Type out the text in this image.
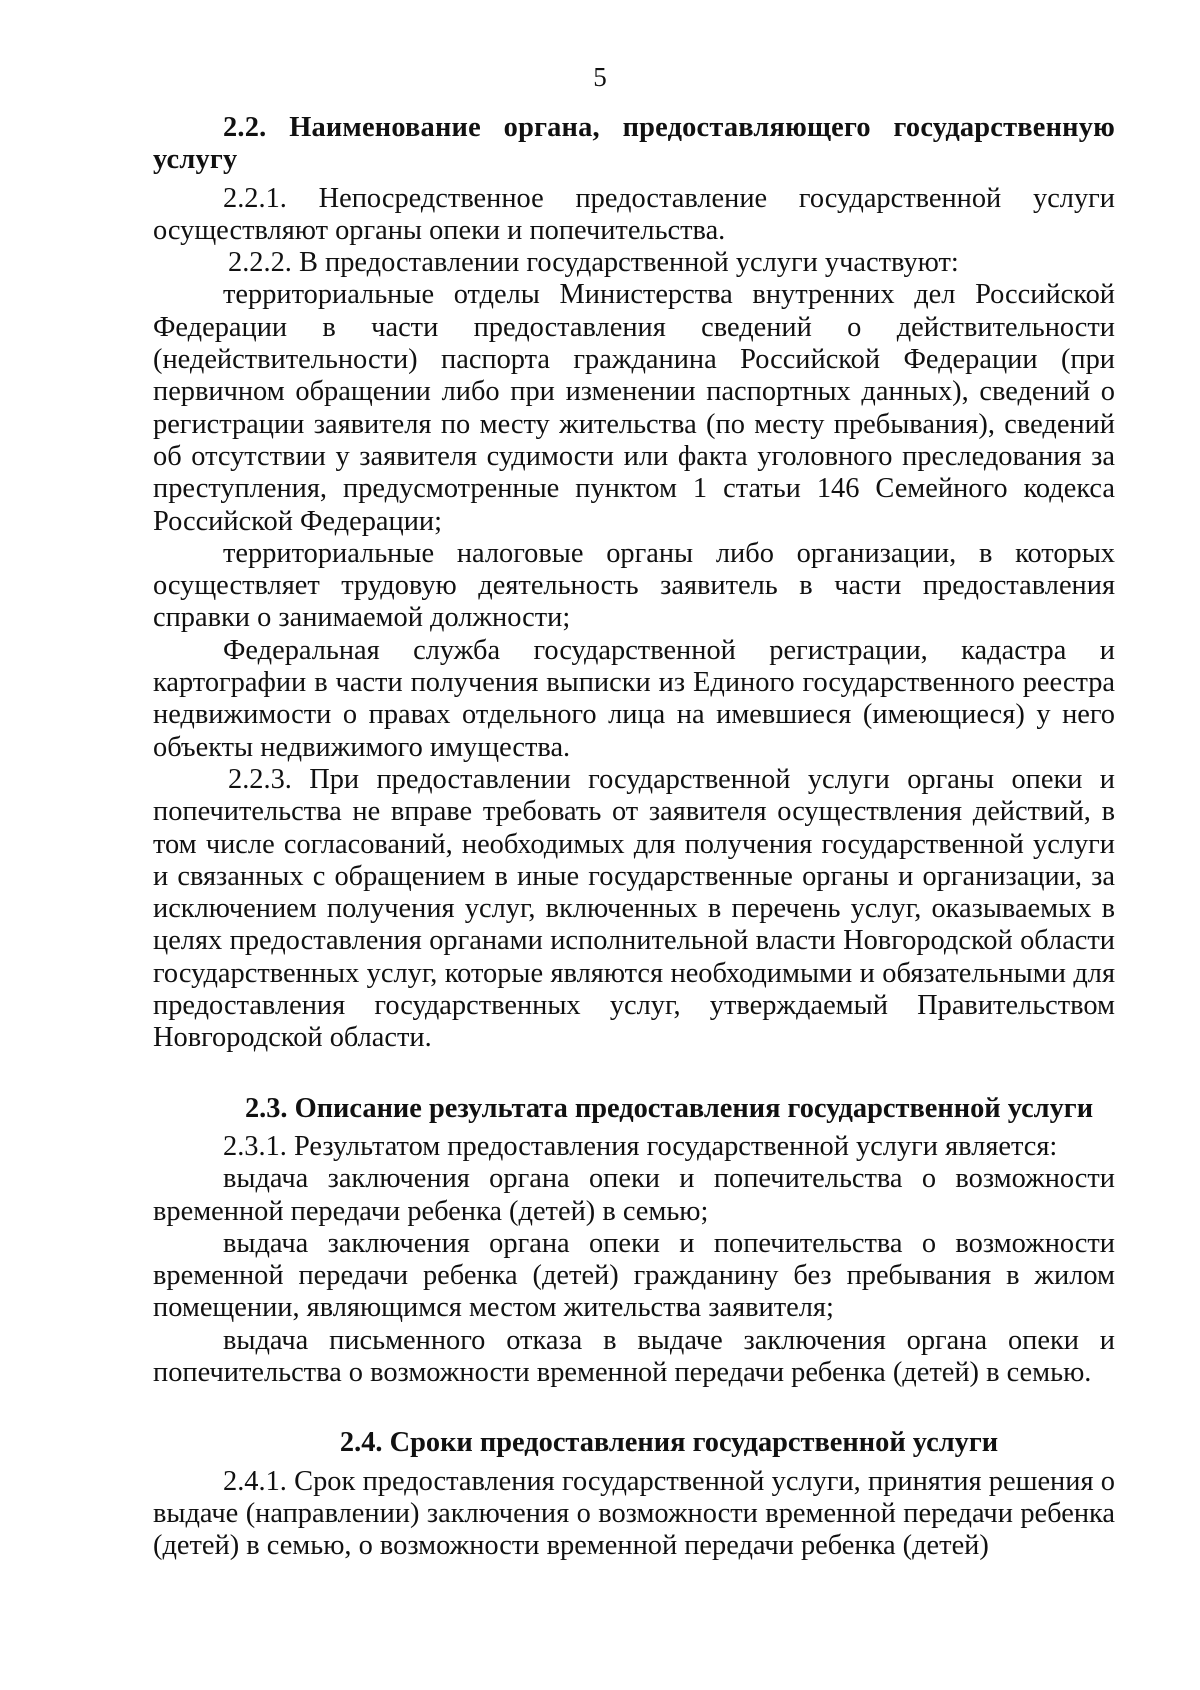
5
2.2. Наименование органа, предоставляющего государственную услугу

2.2.1. Непосредственное предоставление государственной услуги осуществляют органы опеки и попечительства.

2.2.2. В предоставлении государственной услуги участвуют:

территориальные отделы Министерства внутренних дел Российской Федерации в части предоставления сведений о действительности (недействительности) паспорта гражданина Российской Федерации (при первичном обращении либо при изменении паспортных данных), сведений о регистрации заявителя по месту жительства (по месту пребывания), сведений об отсутствии у заявителя судимости или факта уголовного преследования за преступления, предусмотренные пунктом 1 статьи 146 Семейного кодекса Российской Федерации;

территориальные налоговые органы либо организации, в которых осуществляет трудовую деятельность заявитель в части предоставления справки о занимаемой должности;

Федеральная служба государственной регистрации, кадастра и картографии в части получения выписки из Единого государственного реестра недвижимости о правах отдельного лица на имевшиеся (имеющиеся) у него объекты недвижимого имущества.

2.2.3. При предоставлении государственной услуги органы опеки и попечительства не вправе требовать от заявителя осуществления действий, в том числе согласований, необходимых для получения государственной услуги и связанных с обращением в иные государственные органы и организации, за исключением получения услуг, включенных в перечень услуг, оказываемых в целях предоставления органами исполнительной власти Новгородской области государственных услуг, которые являются необходимыми и обязательными для предоставления государственных услуг, утверждаемый Правительством Новгородской области.

2.3. Описание результата предоставления государственной услуги

2.3.1. Результатом предоставления государственной услуги является:

выдача заключения органа опеки и попечительства о возможности временной передачи ребенка (детей) в семью;

выдача заключения органа опеки и попечительства о возможности временной передачи ребенка (детей) гражданину без пребывания в жилом помещении, являющимся местом жительства заявителя;

выдача письменного отказа в выдаче заключения органа опеки и попечительства о возможности временной передачи ребенка (детей) в семью.

2.4. Сроки предоставления государственной услуги

2.4.1. Срок предоставления государственной услуги, принятия решения о выдаче (направлении) заключения о возможности временной передачи ребенка (детей) в семью, о возможности временной передачи ребенка (детей)
